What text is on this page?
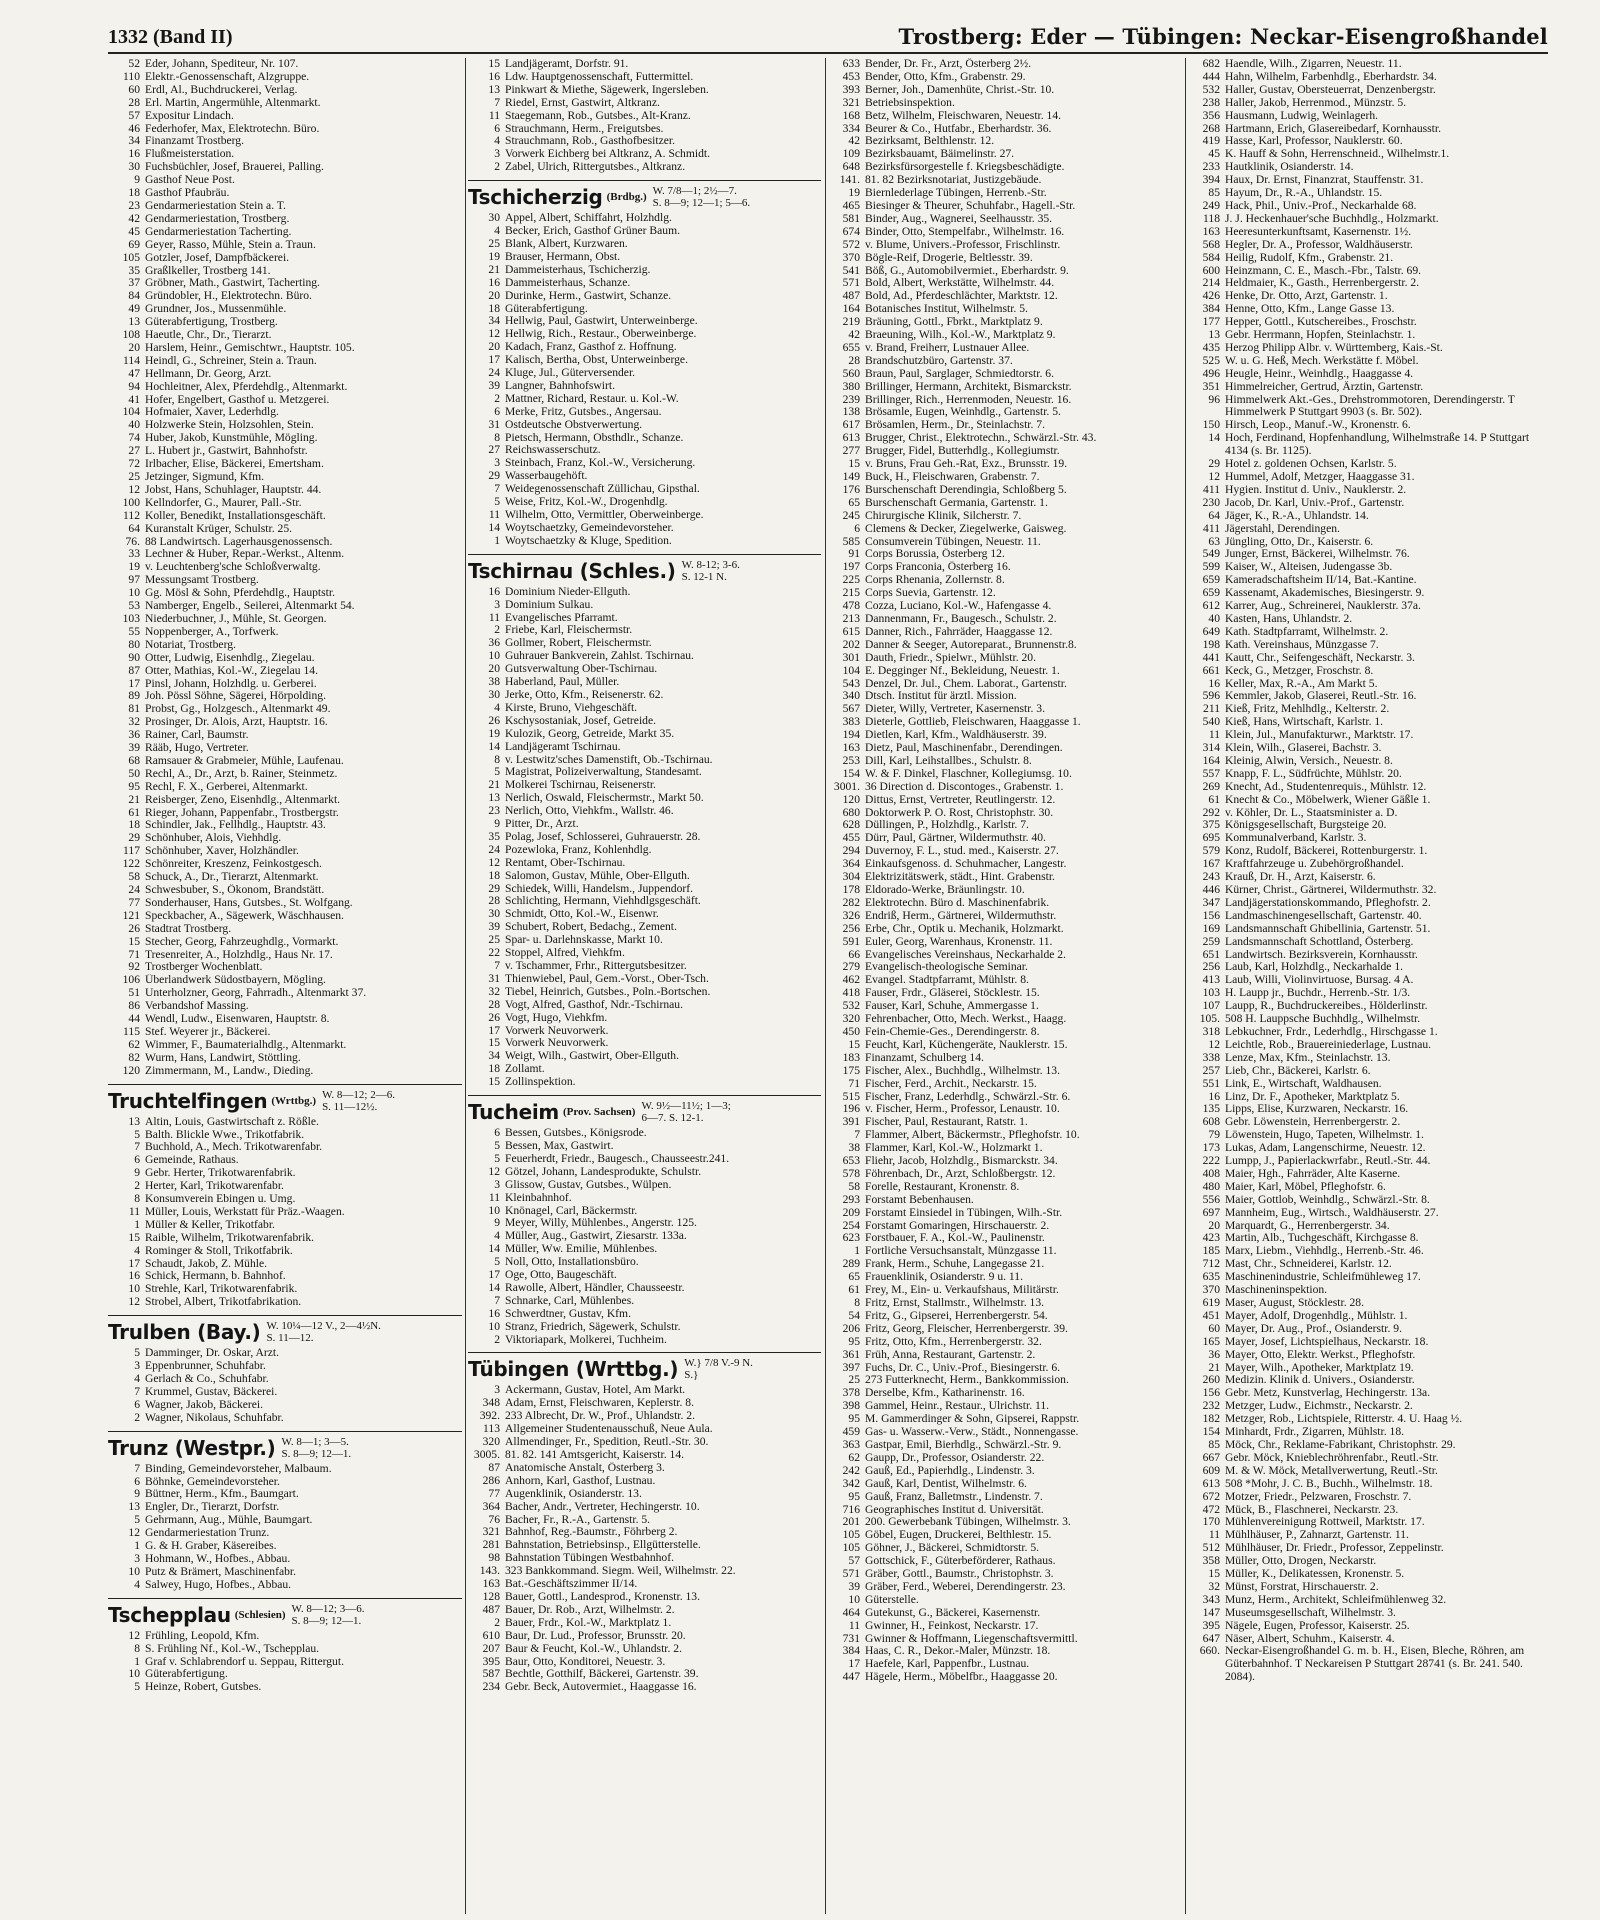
1332 (Band II)	Trostberg: Eder — Tübingen: Neckar-Eisengroßhandel
52 Eder, Johann, Spediteur, Nr. 107.
110 Elektr.-Genossenschaft, Alzgruppe.
60 Erdl, Al., Buchdruckerei, Verlag.
28 Erl. Martin, Angermühle, Altenmarkt.
57 Expositur Lindach.
46 Federhofer, Max, Elektrotechn. Büro.
34 Finanzamt Trostberg.
16 Flußmeisterstation.
30 Fuchsbüchler, Josef, Brauerei, Palling.
9 Gasthof Neue Post.
18 Gasthof Pfaubräu.
23 Gendarmeriestation Stein a. T.
42 Gendarmeriestation, Trostberg.
45 Gendarmeriestation Tacherting.
69 Geyer, Rasso, Mühle, Stein a. Traun.
105 Gotzler, Josef, Dampfbäckerei.
35 Graßlkeller, Trostberg 141.
37 Gröbner, Math., Gastwirt, Tacherting.
84 Gründobler, H., Elektrotechn. Büro.
49 Grundner, Jos., Mussenmühle.
13 Güterabfertigung, Trostberg.
108 Haeutle, Chr., Dr., Tierarzt.
20 Harslem, Heinr., Gemischtwr., Hauptstr. 105.
114 Heindl, G., Schreiner, Stein a. Traun.
47 Hellmann, Dr. Georg, Arzt.
94 Hochleitner, Alex, Pferdehdlg., Altenmarkt.
41 Hofer, Engelbert, Gasthof u. Metzgerei.
104 Hofmaier, Xaver, Lederhdlg.
40 Holzwerke Stein, Holzsohlen, Stein.
74 Huber, Jakob, Kunstmühle, Mögling.
27 L. Hubert jr., Gastwirt, Bahnhofstr.
72 Irlbacher, Elise, Bäckerei, Emertsham.
25 Jetzinger, Sigmund, Kfm.
12 Jobst, Hans, Schuhlager, Hauptstr. 44.
100 Kellndorfer, G., Maurer, Pall.-Str.
112 Koller, Benedikt, Installationsgeschäft.
64 Kuranstalt Krüger, Schulstr. 25.
76. 88 Landwirtsch. Lagerhausgenossensch.
33 Lechner & Huber, Repar.-Werkst., Altenm.
19 v. Leuchtenberg'sche Schloßverwaltg.
97 Messungsamt Trostberg.
10 Gg. Mösl & Sohn, Pferdehdlg., Hauptstr.
53 Namberger, Engelb., Seilerei, Altenmarkt 54.
103 Niederbuchner, J., Mühle, St. Georgen.
55 Noppenberger, A., Torfwerk.
80 Notariat, Trostberg.
90 Otter, Ludwig, Eisenhdlg., Ziegelau.
87 Otter, Mathias, Kol.-W., Ziegelau 14.
17 Pinsl, Johann, Holzhdlg. u. Gerberei.
89 Joh. Pössl Söhne, Sägerei, Hörpolding.
81 Probst, Gg., Holzgesch., Altenmarkt 49.
32 Prosinger, Dr. Alois, Arzt, Hauptstr. 16.
36 Rainer, Carl, Baumstr.
39 Rääb, Hugo, Vertreter.
68 Ramsauer & Grabmeier, Mühle, Laufenau.
50 Rechl, A., Dr., Arzt, b. Rainer, Steinmetz.
95 Rechl, F. X., Gerberei, Altenmarkt.
21 Reisberger, Zeno, Eisenhdlg., Altenmarkt.
61 Rieger, Johann, Pappenfabr., Trostbergstr.
18 Schindler, Jak., Fellhdlg., Hauptstr. 43.
29 Schönhuber, Alois, Viehhdlg.
117 Schönhuber, Xaver, Holzhändler.
122 Schönreiter, Kreszenz, Feinkostgesch.
58 Schuck, A., Dr., Tierarzt, Altenmarkt.
24 Schwesbuber, S., Ökonom, Brandstätt.
77 Sonderhauser, Hans, Gutsbes., St. Wolfgang.
121 Speckbacher, A., Sägewerk, Wäschhausen.
26 Stadtrat Trostberg.
15 Stecher, Georg, Fahrzeughdlg., Vormarkt.
71 Tresenreiter, A., Holzhdlg., Haus Nr. 17.
92 Trostberger Wochenblatt.
106 Überlandwerk Südostbayern, Mögling.
51 Unterholzner, Georg, Fahrradh., Altenmarkt 37.
86 Verbandshof Massing.
44 Wendl, Ludw., Eisenwaren, Hauptstr. 8.
115 Stef. Weyerer jr., Bäckerei.
62 Wimmer, F., Baumaterialhdlg., Altenmarkt.
82 Wurm, Hans, Landwirt, Stöttling.
120 Zimmermann, M., Landw., Dieding.
Truchtelfingen (Wrttbg.) W. 8—12; 2—6.
S. 11—12½.
13 Altin, Louis, Gastwirtschaft z. Rößle.
5 Balth. Blickle Wwe., Trikotfabrik.
7 Buchhold, A., Mech. Trikotwarenfabr.
6 Gemeinde, Rathaus.
9 Gebr. Herter, Trikotwarenfabrik.
2 Herter, Karl, Trikotwarenfabr.
8 Konsumverein Ebingen u. Umg.
11 Müller, Louis, Werkstatt für Präz.-Waagen.
1 Müller & Keller, Trikotfabr.
15 Raible, Wilhelm, Trikotwarenfabrik.
4 Rominger & Stoll, Trikotfabrik.
17 Schaudt, Jakob, Z. Mühle.
16 Schick, Hermann, b. Bahnhof.
10 Strehle, Karl, Trikotwarenfabrik.
12 Strobel, Albert, Trikotfabrikation.
Trulben (Bay.) W. 10¼—12 V., 2—4½N.
S. 11—12.
5 Damminger, Dr. Oskar, Arzt.
3 Eppenbrunner, Schuhfabr.
4 Gerlach & Co., Schuhfabr.
7 Krummel, Gustav, Bäckerei.
6 Wagner, Jakob, Bäckerei.
2 Wagner, Nikolaus, Schuhfabr.
Trunz (Westpr.) W. 8—1; 3—5.
S. 8—9; 12—1.
7 Binding, Gemeindevorsteher, Malbaum.
6 Böhnke, Gemeindevorsteher.
9 Büttner, Herm., Kfm., Baumgart.
13 Engler, Dr., Tierarzt, Dorfstr.
5 Gehrmann, Aug., Mühle, Baumgart.
12 Gendarmeriestation Trunz.
1 G. & H. Graber, Käsereibes.
3 Hohmann, W., Hofbes., Abbau.
10 Putz & Brämert, Maschinenfabr.
4 Salwey, Hugo, Hofbes., Abbau.
Tschepplau (Schlesien) W. 8—12; 3—6.
S. 8—9; 12—1.
12 Frühling, Leopold, Kfm.
8 S. Frühling Nf., Kol.-W., Tschepplau.
1 Graf v. Schlabrendorf u. Seppau, Rittergut.
10 Güterabfertigung.
5 Heinze, Robert, Gutsbes.
15 Landjägeramt, Dorfstr. 91.
16 Ldw. Hauptgenossenschaft, Futtermittel.
13 Pinkwart & Miethe, Sägewerk, Ingersleben.
7 Riedel, Ernst, Gastwirt, Altkranz.
11 Staegemann, Rob., Gutsbes., Alt-Kranz.
6 Strauchmann, Herm., Freigutsbes.
4 Strauchmann, Rob., Gasthofbesitzer.
3 Vorwerk Eichberg bei Altkranz, A. Schmidt.
2 Zabel, Ulrich, Rittergutsbes., Altkranz.
Tschicherzig (Brdbg.) W. 7/8—1; 2½—7.
S. 8—9; 12—1; 5—6.
30 Appel, Albert, Schiffahrt, Holzhdlg.
4 Becker, Erich, Gasthof Grüner Baum.
25 Blank, Albert, Kurzwaren.
19 Brauser, Hermann, Obst.
21 Dammeisterhaus, Tschicherzig.
16 Dammeisterhaus, Schanze.
20 Durinke, Herm., Gastwirt, Schanze.
18 Güterabfertigung.
34 Hellwig, Paul, Gastwirt, Unterweinberge.
12 Hellwig, Rich., Restaur., Oberweinberge.
20 Kadach, Franz, Gasthof z. Hoffnung.
17 Kalisch, Bertha, Obst, Unterweinberge.
24 Kluge, Jul., Güterversender.
39 Langner, Bahnhofswirt.
2 Mattner, Richard, Restaur. u. Kol.-W.
6 Merke, Fritz, Gutsbes., Angersau.
31 Ostdeutsche Obstverwertung.
8 Pietsch, Hermann, Obsthdlr., Schanze.
27 Reichswasserschutz.
3 Steinbach, Franz, Kol.-W., Versicherung.
29 Wasserbaugehöft.
7 Weidegenossenschaft Züllichau, Gipsthal.
5 Weise, Fritz, Kol.-W., Drogenhdlg.
11 Wilhelm, Otto, Vermittler, Oberweinberge.
14 Woytschaetzky, Gemeindevorsteher.
1 Woytschaetzky & Kluge, Spedition.
Tschirnau (Schles.) W. 8-12; 3-6.
S. 12-1 N.
16 Dominium Nieder-Ellguth.
3 Dominium Sulkau.
11 Evangelisches Pfarramt.
2 Friebe, Karl, Fleischermstr.
36 Gollmer, Robert, Fleischermstr.
10 Guhrauer Bankverein, Zahlst. Tschirnau.
20 Gutsverwaltung Ober-Tschirnau.
38 Haberland, Paul, Müller.
30 Jerke, Otto, Kfm., Reisenerstr. 62.
4 Kirste, Bruno, Viehgeschäft.
26 Kschysostaniak, Josef, Getreide.
19 Kulozik, Georg, Getreide, Markt 35.
14 Landjägeramt Tschirnau.
8 v. Lestwitz'sches Damenstift, Ob.-Tschirnau.
5 Magistrat, Polizeiverwaltung, Standesamt.
21 Molkerei Tschirnau, Reisenerstr.
13 Nerlich, Oswald, Fleischermstr., Markt 50.
23 Nerlich, Otto, Viehkfm., Wallstr. 46.
9 Pitter, Dr., Arzt.
35 Polag, Josef, Schlosserei, Guhrauerstr. 28.
24 Pozewloka, Franz, Kohlenhdlg.
12 Rentamt, Ober-Tschirnau.
18 Salomon, Gustav, Mühle, Ober-Ellguth.
29 Schiedek, Willi, Handelsm., Juppendorf.
28 Schlichting, Hermann, Viehhdlgsgeschäft.
30 Schmidt, Otto, Kol.-W., Eisenwr.
39 Schubert, Robert, Bedachg., Zement.
25 Spar- u. Darlehnskasse, Markt 10.
22 Stoppel, Alfred, Viehkfm.
7 v. Tschammer, Frhr., Rittergutsbesitzer.
31 Thienwiebel, Paul, Gem.-Vorst., Ober-Tsch.
32 Tiebel, Heinrich, Gutsbes., Poln.-Bortschen.
28 Vogt, Alfred, Gasthof, Ndr.-Tschirnau.
26 Vogt, Hugo, Viehkfm.
17 Vorwerk Neuvorwerk.
15 Vorwerk Neuvorwerk.
34 Weigt, Wilh., Gastwirt, Ober-Ellguth.
18 Zollamt.
15 Zollinspektion.
Tucheim (Prov. Sachsen) W. 9½—11½; 1—3;
6—7. S. 12-1.
6 Bessen, Gutsbes., Königsrode.
5 Bessen, Max, Gastwirt.
5 Feuerherdt, Friedr., Baugesch., Chausseestr.241.
12 Götzel, Johann, Landesprodukte, Schulstr.
3 Glissow, Gustav, Gutsbes., Wülpen.
11 Kleinbahnhof.
10 Knönagel, Carl, Bäckermstr.
9 Meyer, Willy, Mühlenbes., Angerstr. 125.
4 Müller, Aug., Gastwirt, Ziesarstr. 133a.
14 Müller, Ww. Emilie, Mühlenbes.
5 Noll, Otto, Installationsbüro.
17 Oge, Otto, Baugeschäft.
14 Rawolle, Albert, Händler, Chausseestr.
7 Schnarke, Carl, Mühlenbes.
16 Schwerdtner, Gustav, Kfm.
10 Stranz, Friedrich, Sägewerk, Schulstr.
2 Viktoriapark, Molkerei, Tuchheim.
Tübingen (Wrttbg.) W.} 7/8 V.-9 N.
S.}
3 Ackermann, Gustav, Hotel, Am Markt.
348 Adam, Ernst, Fleischwaren, Keplerstr. 8.
392. 233 Albrecht, Dr. W., Prof., Uhlandstr. 2.
113 Allgemeiner Studentenausschuß, Neue Aula.
320 Allmendinger, Fr., Spedition, Reutl.-Str. 30.
3005. 81. 82. 141 Amtsgericht, Kaiserstr. 14.
87 Anatomische Anstalt, Österberg 3.
286 Anhorn, Karl, Gasthof, Lustnau.
77 Augenklinik, Osianderstr. 13.
364 Bacher, Andr., Vertreter, Hechingerstr. 10.
76 Bacher, Fr., R.-A., Gartenstr. 5.
321 Bahnhof, Reg.-Baumstr., Föhrberg 2.
281 Bahnstation, Betriebsinsp., Ellgütterstelle.
98 Bahnstation Tübingen Westbahnhof.
143. 323 Bankkommand. Siegm. Weil, Wilhelmstr. 22.
163 Bat.-Geschäftszimmer II/14.
128 Bauer, Gottl., Landesprod., Kronenstr. 13.
487 Bauer, Dr. Rob., Arzt, Wilhelmstr. 2.
2 Bauer, Frdr., Kol.-W., Marktplatz 1.
610 Baur, Dr. Lud., Professor, Brunsstr. 20.
207 Baur & Feucht, Kol.-W., Uhlandstr. 2.
395 Baur, Otto, Konditorei, Neuestr. 3.
587 Bechtle, Gotthilf, Bäckerei, Gartenstr. 39.
234 Gebr. Beck, Autovermiet., Haaggasse 16.
633 Bender, Dr. Fr., Arzt, Österberg 2½.
453 Bender, Otto, Kfm., Grabenstr. 29.
393 Berner, Joh., Damenhüte, Christ.-Str. 10.
321 Betriebsinspektion.
168 Betz, Wilhelm, Fleischwaren, Neuestr. 14.
334 Beurer & Co., Hutfabr., Eberhardstr. 36.
42 Bezirksamt, Belthlenstr. 12.
109 Bezirksbauamt, Bäimelinstr. 27.
648 Bezirksfürsorgestelle f. Kriegsbeschädigte.
141. 81. 82 Bezirksnotariat, Justizgebäude.
19 Biernlederlage Tübingen, Herrenb.-Str.
465 Biesinger & Theurer, Schuhfabr., Hagell.-Str.
581 Binder, Aug., Wagnerei, Seelhausstr. 35.
674 Binder, Otto, Stempelfabr., Wilhelmstr. 16.
572 v. Blume, Univers.-Professor, Frischlinstr.
370 Bögle-Reif, Drogerie, Beltlesstr. 39.
541 Böß, G., Automobilvermiet., Eberhardstr. 9.
571 Bold, Albert, Werkstätte, Wilhelmstr. 44.
487 Bold, Ad., Pferdeschlächter, Marktstr. 12.
164 Botanisches Institut, Wilhelmstr. 5.
219 Bräuning, Gottl., Fbrkt., Marktplatz 9.
42 Braeuning, Wilh., Kol.-W., Marktplatz 9.
655 v. Brand, Freiherr, Lustnauer Allee.
28 Brandschutzbüro, Gartenstr. 37.
560 Braun, Paul, Sarglager, Schmiedtorstr. 6.
380 Brillinger, Hermann, Architekt, Bismarckstr.
239 Brillinger, Rich., Herrenmoden, Neuestr. 16.
138 Brösamle, Eugen, Weinhdlg., Gartenstr. 5.
617 Brösamlen, Herm., Dr., Steinlachstr. 7.
613 Brugger, Christ., Elektrotechn., Schwärzl.-Str. 43.
277 Brugger, Fidel, Butterhdlg., Kollegiumstr.
15 v. Bruns, Frau Geh.-Rat, Exz., Brunsstr. 19.
149 Buck, H., Fleischwaren, Grabenstr. 7.
176 Burschenschaft Derendingia, Schloßberg 5.
65 Burschenschaft Germania, Gartenstr. 1.
245 Chirurgische Klinik, Silcherstr. 7.
6 Clemens & Decker, Ziegelwerke, Gaisweg.
585 Consumverein Tübingen, Neuestr. 11.
91 Corps Borussia, Österberg 12.
197 Corps Franconia, Österberg 16.
225 Corps Rhenania, Zollernstr. 8.
215 Corps Suevia, Gartenstr. 12.
478 Cozza, Luciano, Kol.-W., Hafengasse 4.
213 Dannenmann, Fr., Baugesch., Schulstr. 2.
615 Danner, Rich., Fahrräder, Haaggasse 12.
202 Danner & Seeger, Autoreparat., Brunnenstr.8.
301 Dauth, Friedr., Spielwr., Mühlstr. 20.
104 E. Degginger Nf., Bekleidung, Neuestr. 1.
543 Denzel, Dr. Jul., Chem. Laborat., Gartenstr.
340 Dtsch. Institut für ärztl. Mission.
567 Dieter, Willy, Vertreter, Kasernenstr. 3.
383 Dieterle, Gottlieb, Fleischwaren, Haaggasse 1.
194 Dietlen, Karl, Kfm., Waldhäuserstr. 39.
163 Dietz, Paul, Maschinenfabr., Derendingen.
253 Dill, Karl, Leihstallbes., Schulstr. 8.
154 W. & F. Dinkel, Flaschner, Kollegiumsg. 10.
3001. 36 Direction d. Discontoges., Grabenstr. 1.
120 Dittus, Ernst, Vertreter, Reutlingerstr. 12.
680 Doktorwerk P. O. Rost, Christophstr. 30.
628 Düllingen, P., Holzhdlg., Karlstr. 7.
455 Dürr, Paul, Gärtner, Wildermuthstr. 40.
294 Duvernoy, F. L., stud. med., Kaiserstr. 27.
364 Einkaufsgenoss. d. Schuhmacher, Langestr.
304 Elektrizitätswerk, städt., Hint. Grabenstr.
178 Eldorado-Werke, Bräunlingstr. 10.
282 Elektrotechn. Büro d. Maschinenfabrik.
326 Endriß, Herm., Gärtnerei, Wildermuthstr.
256 Erbe, Chr., Optik u. Mechanik, Holzmarkt.
591 Euler, Georg, Warenhaus, Kronenstr. 11.
66 Evangelisches Vereinshaus, Neckarhalde 2.
279 Evangelisch-theologische Seminar.
462 Evangel. Stadtpfarramt, Mühlstr. 8.
418 Fauser, Frdr., Gläserei, Stöcklestr. 15.
532 Fauser, Karl, Schuhe, Ammergasse 1.
320 Fehrenbacher, Otto, Mech. Werkst., Haagg.
450 Fein-Chemie-Ges., Derendingerstr. 8.
15 Feucht, Karl, Küchengeräte, Nauklerstr. 15.
183 Finanzamt, Schulberg 14.
175 Fischer, Alex., Buchhdlg., Wilhelmstr. 13.
71 Fischer, Ferd., Archit., Neckarstr. 15.
515 Fischer, Franz, Lederhdlg., Schwärzl.-Str. 6.
196 v. Fischer, Herm., Professor, Lenaustr. 10.
391 Fischer, Paul, Restaurant, Ratstr. 1.
7 Flammer, Albert, Bäckermstr., Pfleghofstr. 10.
38 Flammer, Karl, Kol.-W., Holzmarkt 1.
653 Fliehr, Jacob, Holzhdlg., Bismarckstr. 34.
578 Föhrenbach, Dr., Arzt, Schloßbergstr. 12.
58 Forelle, Restaurant, Kronenstr. 8.
293 Forstamt Bebenhausen.
209 Forstamt Einsiedel in Tübingen, Wilh.-Str.
254 Forstamt Gomaringen, Hirschauerstr. 2.
623 Forstbauer, F. A., Kol.-W., Paulinenstr.
1 Fortliche Versuchsanstalt, Münzgasse 11.
289 Frank, Herm., Schuhe, Langegasse 21.
65 Frauenklinik, Osianderstr. 9 u. 11.
61 Frey, M., Ein- u. Verkaufshaus, Militärstr.
8 Fritz, Ernst, Stallmstr., Wilhelmstr. 13.
54 Fritz, G., Gipserei, Herrenbergerstr. 54.
206 Fritz, Georg, Fleischer, Herrenbergerstr. 39.
95 Fritz, Otto, Kfm., Herrenbergerstr. 32.
361 Früh, Anna, Restaurant, Gartenstr. 2.
397 Fuchs, Dr. C., Univ.-Prof., Biesingerstr. 6.
25 273 Futterknecht, Herm., Bankkommission.
378 Derselbe, Kfm., Katharinenstr. 16.
398 Gammel, Heinr., Restaur., Ulrichstr. 11.
95 M. Gammerdinger & Sohn, Gipserei, Rappstr.
459 Gas- u. Wasserw.-Verw., Städt., Nonnengasse.
363 Gastpar, Emil, Bierhdlg., Schwärzl.-Str. 9.
62 Gaupp, Dr., Professor, Osianderstr. 22.
242 Gauß, Ed., Papierhdlg., Lindenstr. 3.
342 Gauß, Karl, Dentist, Wilhelmstr. 6.
95 Gauß, Franz, Balletmstr., Lindenstr. 7.
716 Geographisches Institut d. Universität.
201 200. Gewerbebank Tübingen, Wilhelmstr. 3.
105 Göbel, Eugen, Druckerei, Belthlestr. 15.
105 Göhner, J., Bäckerei, Schmidtorstr. 5.
57 Gottschick, F., Güterbeförderer, Rathaus.
571 Gräber, Gottl., Baumstr., Christophstr. 3.
39 Gräber, Ferd., Weberei, Derendingerstr. 23.
10 Güterstelle.
464 Gutekunst, G., Bäckerei, Kasernenstr.
11 Gwinner, H., Feinkost, Neckarstr. 17.
731 Gwinner & Hoffmann, Liegenschaftsvermittl.
384 Haas, C. R., Dekor.-Maler, Münzstr. 18.
17 Haefele, Karl, Pappenfbr., Lustnau.
447 Hägele, Herm., Möbelfbr., Haaggasse 20.
682 Haendle, Wilh., Zigarren, Neuestr. 11.
444 Hahn, Wilhelm, Farbenhdlg., Eberhardstr. 34.
532 Haller, Gustav, Obersteuerrat, Denzenbergstr.
238 Haller, Jakob, Herrenmod., Münzstr. 5.
356 Hausmann, Ludwig, Weinlagerh.
268 Hartmann, Erich, Glasereibedarf, Kornhausstr.
419 Hasse, Karl, Professor, Nauklerstr. 60.
45 K. Hauff & Sohn, Herrenschneid., Wilhelmstr.1.
233 Hautklinik, Osianderstr. 14.
394 Haux, Dr. Ernst, Finanzrat, Stauffenstr. 31.
85 Hayum, Dr., R.-A., Uhlandstr. 15.
249 Hack, Phil., Univ.-Prof., Neckarhalde 68.
118 J. J. Heckenhauer'sche Buchhdlg., Holzmarkt.
163 Heeresunterkunftsamt, Kasernenstr. 1½.
568 Hegler, Dr. A., Professor, Waldhäuserstr.
584 Heilig, Rudolf, Kfm., Grabenstr. 21.
600 Heinzmann, C. E., Masch.-Fbr., Talstr. 69.
214 Heldmaier, K., Gasth., Herrenbergerstr. 2.
426 Henke, Dr. Otto, Arzt, Gartenstr. 1.
384 Henne, Otto, Kfm., Lange Gasse 13.
177 Hepper, Gottl., Kutschereibes., Froschstr.
13 Gebr. Herrmann, Hopfen, Steinlachstr. 1.
435 Herzog Philipp Albr. v. Württemberg, Kais.-St.
525 W. u. G. Heß, Mech. Werkstätte f. Möbel.
496 Heugle, Heinr., Weinhdlg., Haaggasse 4.
351 Himmelreicher, Gertrud, Ärztin, Gartenstr.
96 Himmelwerk Akt.-Ges., Drehstrommotoren, Derendingerstr. T Himmelwerk P Stuttgart 9903 (s. Br. 502).
150 Hirsch, Leop., Manuf.-W., Kronenstr. 6.
14 Hoch, Ferdinand, Hopfenhandlung, Wilhelmstraße 14. P Stuttgart 4134 (s. Br. 1125).
29 Hotel z. goldenen Ochsen, Karlstr. 5.
12 Hummel, Adolf, Metzger, Haaggasse 31.
411 Hygien. Institut d. Univ., Nauklerstr. 2.
230 Jacob, Dr. Karl, Univ.-Prof., Gartenstr.
64 Jäger, K., R.-A., Uhlandstr. 14.
411 Jägerstahl, Derendingen.
63 Jüngling, Otto, Dr., Kaiserstr. 6.
549 Junger, Ernst, Bäckerei, Wilhelmstr. 76.
599 Kaiser, W., Alteisen, Judengasse 3b.
659 Kameradschaftsheim II/14, Bat.-Kantine.
659 Kassenamt, Akademisches, Biesingerstr. 9.
612 Karrer, Aug., Schreinerei, Nauklerstr. 37a.
40 Kasten, Hans, Uhlandstr. 2.
649 Kath. Stadtpfarramt, Wilhelmstr. 2.
198 Kath. Vereinshaus, Münzgasse 7.
441 Kautt, Chr., Seifengeschäft, Neckarstr. 3.
661 Keck, G., Metzger, Froschstr. 8.
16 Keller, Max, R.-A., Am Markt 5.
596 Kemmler, Jakob, Glaserei, Reutl.-Str. 16.
211 Kieß, Fritz, Mehlhdlg., Kelterstr. 2.
540 Kieß, Hans, Wirtschaft, Karlstr. 1.
11 Klein, Jul., Manufakturwr., Marktstr. 17.
314 Klein, Wilh., Glaserei, Bachstr. 3.
164 Kleinig, Alwin, Versich., Neuestr. 8.
557 Knapp, F. L., Südfrüchte, Mühlstr. 20.
269 Knecht, Ad., Studentenrequis., Mühlstr. 12.
61 Knecht & Co., Möbelwerk, Wiener Gäßle 1.
292 v. Köhler, Dr. L., Staatsminister a. D.
375 Königsgesellschaft, Burgsteige 20.
695 Kommunalverband, Karlstr. 3.
579 Konz, Rudolf, Bäckerei, Rottenburgerstr. 1.
167 Kraftfahrzeuge u. Zubehörgroßhandel.
243 Krauß, Dr. H., Arzt, Kaiserstr. 6.
446 Kürner, Christ., Gärtnerei, Wildermuthstr. 32.
347 Landjägerstationskommando, Pfleghofstr. 2.
156 Landmaschinengesellschaft, Gartenstr. 40.
169 Landsmannschaft Ghibellinia, Gartenstr. 51.
259 Landsmannschaft Schottland, Österberg.
651 Landwirtsch. Bezirksverein, Kornhausstr.
256 Laub, Karl, Holzhdlg., Neckarhalde 1.
413 Laub, Willi, Violinvirtuose, Bursag. 4 A.
103 H. Laupp jr., Buchdr., Herrenb.-Str. 1/3.
107 Laupp, R., Buchdruckereibes., Hölderlinstr.
105. 508 H. Lauppsche Buchhdlg., Wilhelmstr.
318 Lebkuchner, Frdr., Lederhdlg., Hirschgasse 1.
12 Leichtle, Rob., Brauereiniederlage, Lustnau.
338 Lenze, Max, Kfm., Steinlachstr. 13.
257 Lieb, Chr., Bäckerei, Karlstr. 6.
551 Link, E., Wirtschaft, Waldhausen.
16 Linz, Dr. F., Apotheker, Marktplatz 5.
135 Lipps, Elise, Kurzwaren, Neckarstr. 16.
608 Gebr. Löwenstein, Herrenbergerstr. 2.
79 Löwenstein, Hugo, Tapeten, Wilhelmstr. 1.
173 Lukas, Adam, Langenschirme, Neuestr. 12.
222 Lumpp, J., Papierlackwrfabr., Reutl.-Str. 44.
408 Maier, Hgh., Fahrräder, Alte Kaserne.
480 Maier, Karl, Möbel, Pfleghofstr. 6.
556 Maier, Gottlob, Weinhdlg., Schwärzl.-Str. 8.
697 Mannheim, Eug., Wirtsch., Waldhäuserstr. 27.
20 Marquardt, G., Herrenbergerstr. 34.
423 Martin, Alb., Tuchgeschäft, Kirchgasse 8.
185 Marx, Liebm., Viehhdlg., Herrenb.-Str. 46.
712 Mast, Chr., Schneiderei, Karlstr. 12.
635 Maschinenindustrie, Schleifmühleweg 17.
370 Maschineninspektion.
619 Maser, August, Stöcklestr. 28.
451 Mayer, Adolf, Drogenhdlg., Mühlstr. 1.
60 Mayer, Dr. Aug., Prof., Osianderstr. 9.
165 Mayer, Josef, Lichtspielhaus, Neckarstr. 18.
36 Mayer, Otto, Elektr. Werkst., Pfleghofstr.
21 Mayer, Wilh., Apotheker, Marktplatz 19.
260 Medizin. Klinik d. Univers., Osianderstr.
156 Gebr. Metz, Kunstverlag, Hechingerstr. 13a.
232 Metzger, Ludw., Eichmstr., Neckarstr. 2.
182 Metzger, Rob., Lichtspiele, Ritterstr. 4. U. Haag ½.
154 Minhardt, Frdr., Zigarren, Mühlstr. 18.
85 Möck, Chr., Reklame-Fabrikant, Christophstr. 29.
667 Gebr. Möck, Knieblechröhrenfabr., Reutl.-Str.
609 M. & W. Möck, Metallverwertung, Reutl.-Str.
613 508 *Mohr, J. C. B., Buchh., Wilhelmstr. 18.
672 Motzer, Friedr., Pelzwaren, Froschstr. 7.
472 Mück, B., Flaschnerei, Neckarstr. 23.
170 Mühlenvereinigung Rottweil, Marktstr. 17.
11 Mühlhäuser, P., Zahnarzt, Gartenstr. 11.
512 Mühlhäuser, Dr. Friedr., Professor, Zeppelinstr.
358 Müller, Otto, Drogen, Neckarstr.
15 Müller, K., Delikatessen, Kronenstr. 5.
32 Münst, Forstrat, Hirschauerstr. 2.
343 Munz, Herm., Architekt, Schleifmühlenweg 32.
147 Museumsgesellschaft, Wilhelmstr. 3.
395 Nägele, Eugen, Professor, Kaiserstr. 25.
647 Näser, Albert, Schuhm., Kaiserstr. 4.
660. Neckar-Eisengroßhandel G. m. b. H., Eisen, Bleche, Röhren, am Güterbahnhof. T Neckareisen P Stuttgart 28741 (s. Br. 241. 540. 2084).
